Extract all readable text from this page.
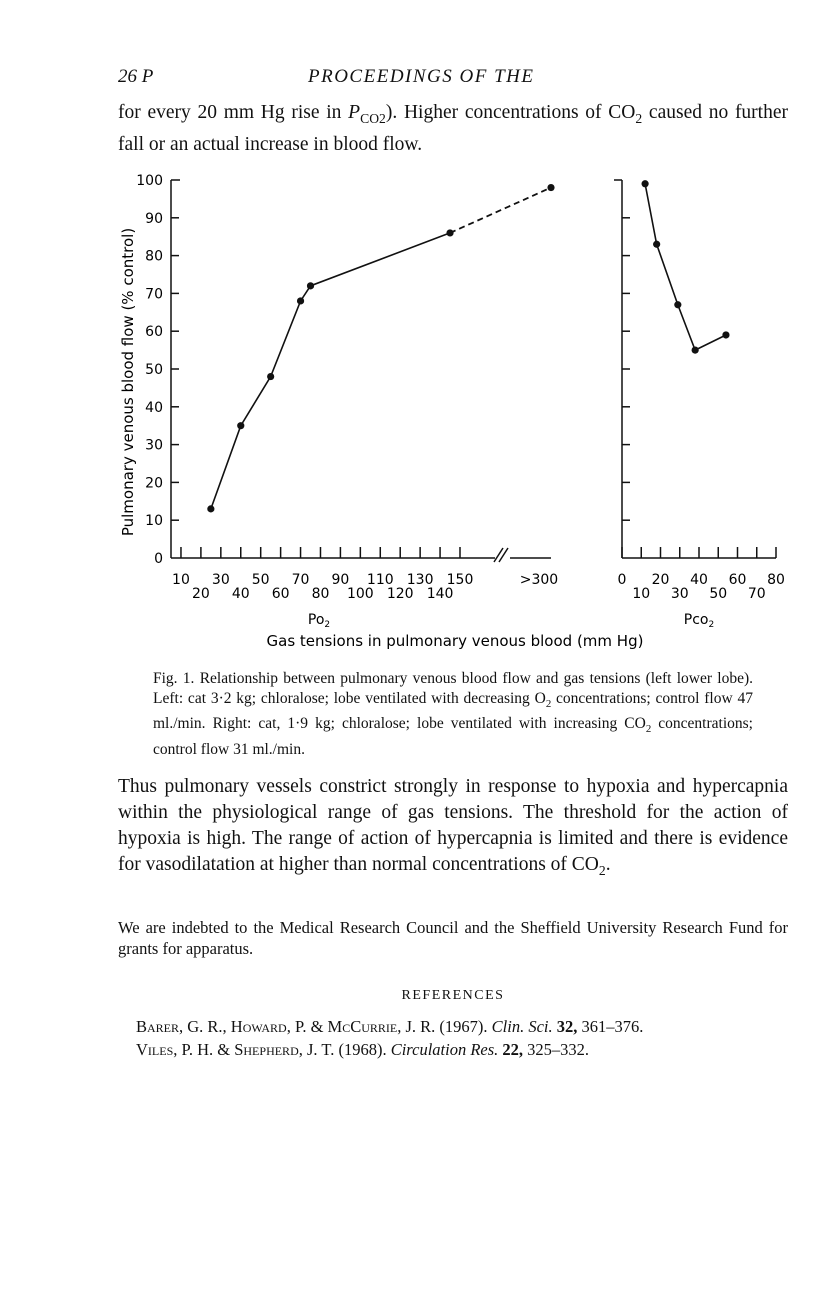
26 P	PROCEEDINGS OF THE
for every 20 mm Hg rise in $P_{CO2}$). Higher concentrations of $CO_2$ caused no further fall or an actual increase in blood flow.
0
10
20
30
40
50
60
70
80
90
100
10 30 50 70 90 110 130 150
20 40 60 80 100 120 140
Pulmonary venous blood flow (% control)
>300
$Po_2$
0 20 40 60 80
10 30 50 70
Pco$_2$
Gas tensions in pulmonary venous blood (mm Hg)
Fig. 1. Relationship between pulmonary venous blood flow and gas tensions (left lower lobe). Left: cat 3·2 kg; chloralose; lobe ventilated with decreasing $O_2$ concentrations; control flow 47 ml./min. Right: cat, 1·9 kg; chloralose; lobe ventilated with increasing $CO_2$ concentrations; control flow 31 ml./min.
Thus pulmonary vessels constrict strongly in response to hypoxia and hypercapnia within the physiological range of gas tensions. The threshold for the action of hypoxia is high. The range of action of hypercapnia is limited and there is evidence for vasodilatation at higher than normal concentrations of $CO_2$.
We are indebted to the Medical Research Council and the Sheffield University Research Fund for grants for apparatus.
REFERENCES
Barer, G. R., Howard, P. & McCurrie, J. R. (1967). Clin. Sci. 32, 361–376.
Viles, P. H. & Shepherd, J. T. (1968). Circulation Res. 22, 325–332.
